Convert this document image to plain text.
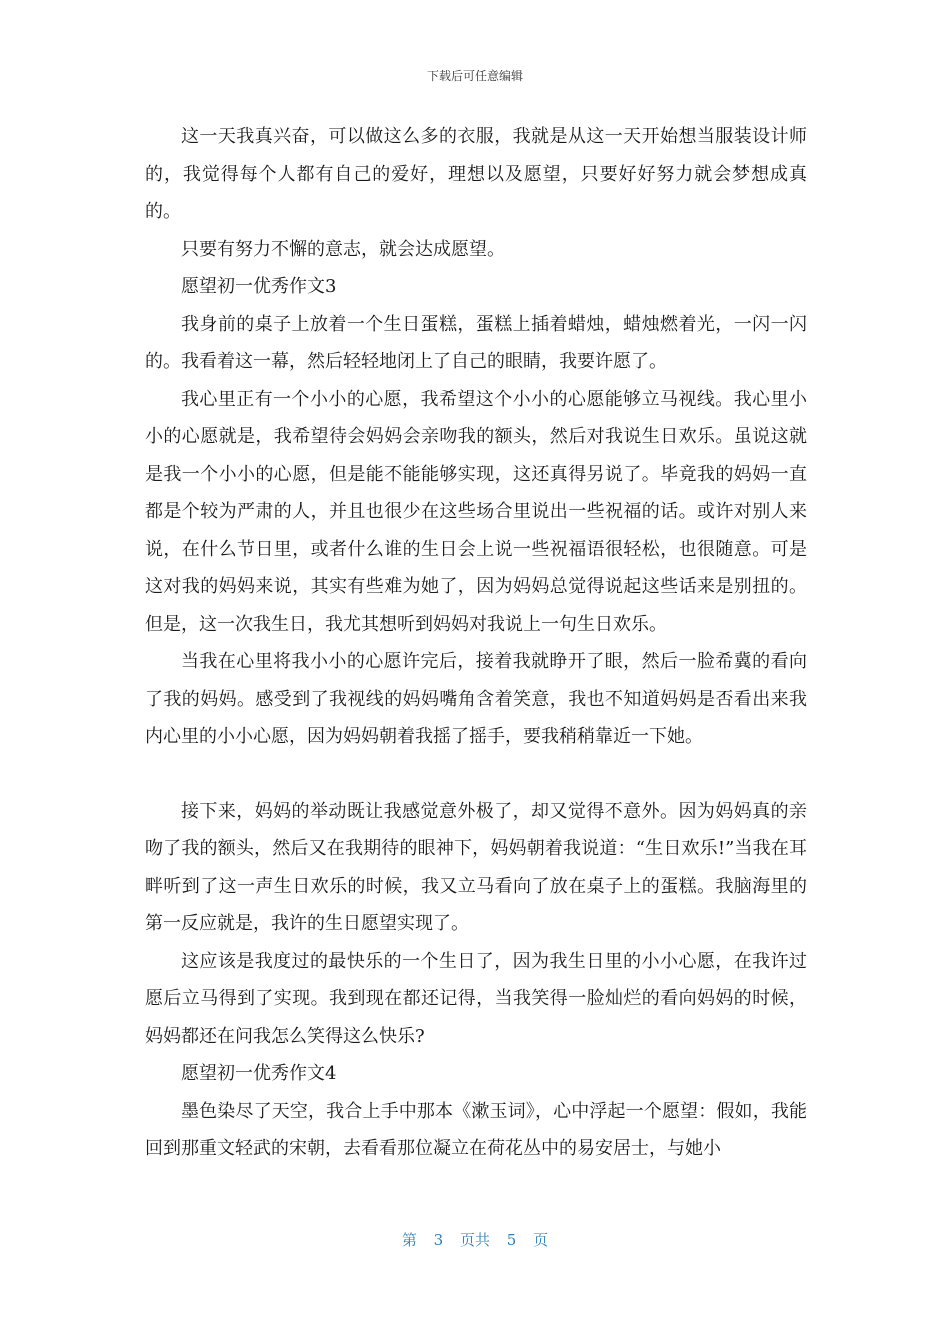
下载后可任意编辑

这一天我真兴奋，可以做这么多的衣服，我就是从这一天开始想当服装设计师的，我觉得每个人都有自己的爱好，理想以及愿望，只要好好努力就会梦想成真的。

只要有努力不懈的意志，就会达成愿望。

愿望初一优秀作文3

我身前的桌子上放着一个生日蛋糕，蛋糕上插着蜡烛，蜡烛燃着光，一闪一闪的。我看着这一幕，然后轻轻地闭上了自己的眼睛，我要许愿了。

我心里正有一个小小的心愿，我希望这个小小的心愿能够立马视线。我心里小小的心愿就是，我希望待会妈妈会亲吻我的额头，然后对我说生日欢乐。虽说这就是我一个小小的心愿，但是能不能能够实现，这还真得另说了。毕竟我的妈妈一直都是个较为严肃的人，并且也很少在这些场合里说出一些祝福的话。或许对别人来说，在什么节日里，或者什么谁的生日会上说一些祝福语很轻松，也很随意。可是这对我的妈妈来说，其实有些难为她了，因为妈妈总觉得说起这些话来是别扭的。但是，这一次我生日，我尤其想听到妈妈对我说上一句生日欢乐。

当我在心里将我小小的心愿许完后，接着我就睁开了眼，然后一脸希冀的看向了我的妈妈。感受到了我视线的妈妈嘴角含着笑意，我也不知道妈妈是否看出来我内心里的小小心愿，因为妈妈朝着我摇了摇手，要我稍稍靠近一下她。

接下来，妈妈的举动既让我感觉意外极了，却又觉得不意外。因为妈妈真的亲吻了我的额头，然后又在我期待的眼神下，妈妈朝着我说道：“生日欢乐!”当我在耳畔听到了这一声生日欢乐的时候，我又立马看向了放在桌子上的蛋糕。我脑海里的第一反应就是，我许的生日愿望实现了。

这应该是我度过的最快乐的一个生日了，因为我生日里的小小心愿，在我许过愿后立马得到了实现。我到现在都还记得，当我笑得一脸灿烂的看向妈妈的时候，妈妈都还在问我怎么笑得这么快乐?

愿望初一优秀作文4

墨色染尽了天空，我合上手中那本《漱玉词》，心中浮起一个愿望：假如，我能回到那重文轻武的宋朝，去看看那位凝立在荷花丛中的易安居士，与她小

第 3 页共 5 页
